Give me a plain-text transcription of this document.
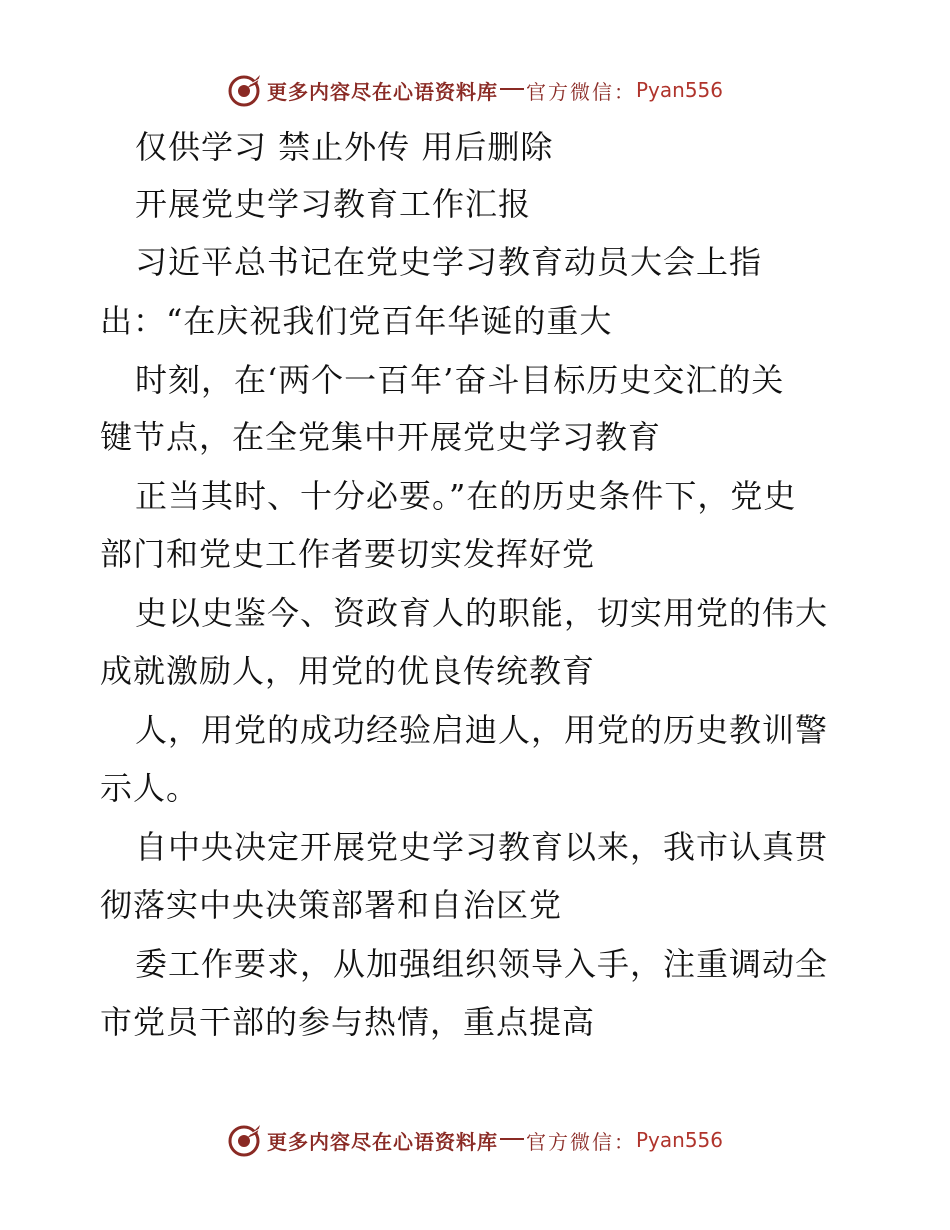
更多内容尽在心语资料库 官方微信： Pyan556
仅供学习 禁止外传 用后删除
开展党史学习教育工作汇报
习近平总书记在党史学习教育动员大会上指
出：“在庆祝我们党百年华诞的重大
时刻，在‘两个一百年’奋斗目标历史交汇的关
键节点，在全党集中开展党史学习教育
正当其时、十分必要。”在的历史条件下，党史
部门和党史工作者要切实发挥好党
史以史鉴今、资政育人的职能，切实用党的伟大
成就激励人，用党的优良传统教育
人，用党的成功经验启迪人，用党的历史教训警
示人。
自中央决定开展党史学习教育以来，我市认真贯
彻落实中央决策部署和自治区党
委工作要求，从加强组织领导入手，注重调动全
市党员干部的参与热情，重点提高
更多内容尽在心语资料库 官方微信： Pyan556
